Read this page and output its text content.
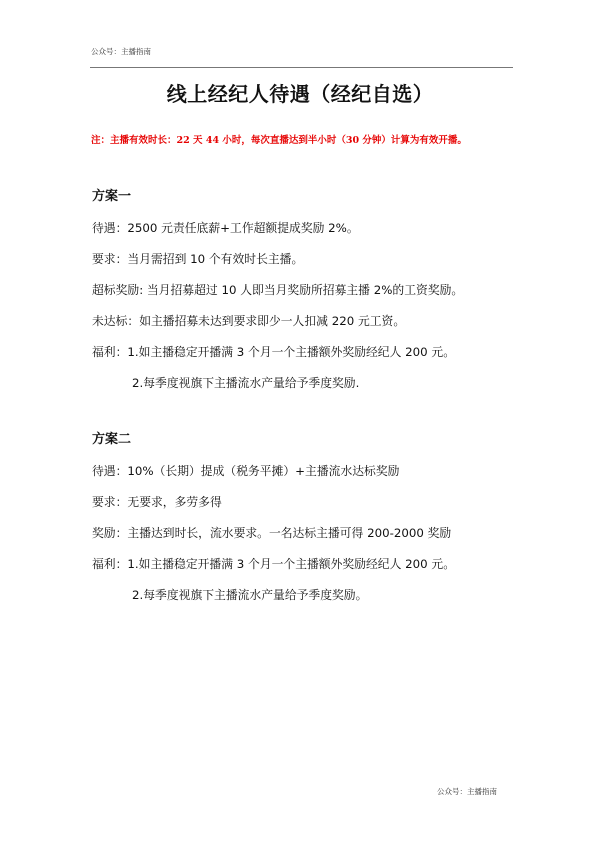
公众号：主播指南
线上经纪人待遇（经纪自选）
注：主播有效时长：22 天 44 小时，每次直播达到半小时（30 分钟）计算为有效开播。
方案一
待遇：2500 元责任底薪+工作超额提成奖励 2%。
要求：当月需招到 10 个有效时长主播。
超标奖励: 当月招募超过 10 人即当月奖励所招募主播 2%的工资奖励。
未达标：如主播招募未达到要求即少一人扣减 220 元工资。
福利：1.如主播稳定开播满 3 个月一个主播额外奖励经纪人 200 元。
2.每季度视旗下主播流水产量给予季度奖励.
方案二
待遇：10%（长期）提成（税务平摊）+主播流水达标奖励
要求：无要求，多劳多得
奖励：主播达到时长，流水要求。一名达标主播可得 200-2000 奖励
福利：1.如主播稳定开播满 3 个月一个主播额外奖励经纪人 200 元。
2.每季度视旗下主播流水产量给予季度奖励。
公众号：主播指南
